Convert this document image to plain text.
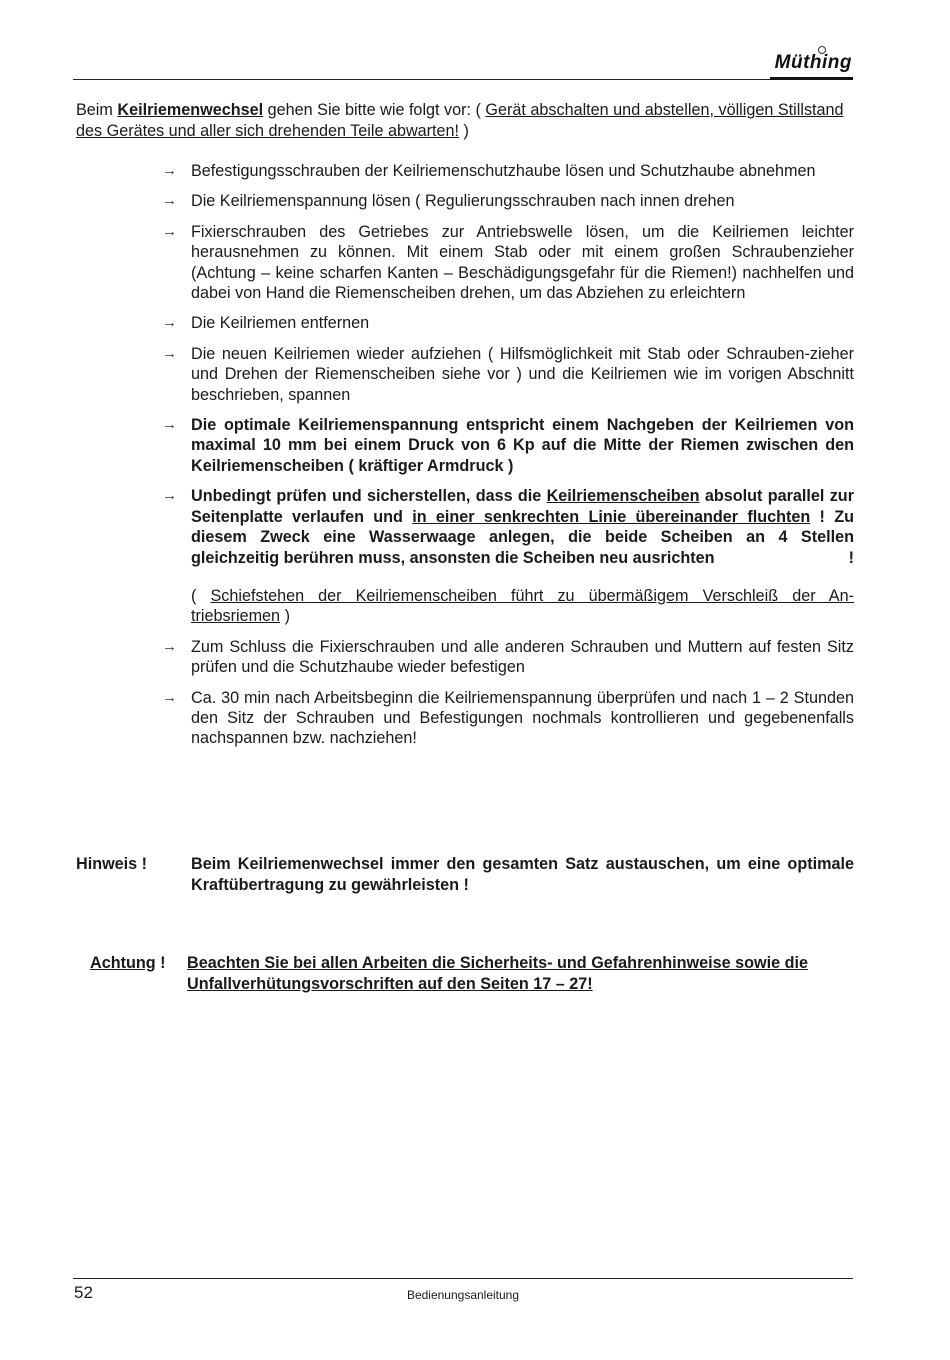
Müthing
Beim Keilriemenwechsel gehen Sie bitte wie folgt vor: ( Gerät abschalten und abstellen, völligen Stillstand des Gerätes und aller sich drehenden Teile abwarten! )
→ Befestigungsschrauben der Keilriemenschutzhaube lösen und Schutzhaube abnehmen
→ Die Keilriemenspannung lösen ( Regulierungsschrauben nach innen drehen
→ Fixierschrauben des Getriebes zur Antriebswelle lösen, um die Keilriemen leichter herausnehmen zu können. Mit einem Stab oder mit einem großen Schraubenzieher (Achtung – keine scharfen Kanten – Beschädigungsgefahr für die Riemen!) nachhelfen und dabei von Hand die Riemenscheiben drehen, um das Abziehen zu erleichtern
→ Die Keilriemen entfernen
→ Die neuen Keilriemen wieder aufziehen ( Hilfsmöglichkeit mit Stab oder Schrauben-zieher und Drehen der Riemenscheiben siehe vor ) und die Keilriemen wie im vorigen Abschnitt beschrieben, spannen
→ Die optimale Keilriemenspannung entspricht einem Nachgeben der Keilriemen von maximal 10 mm bei einem Druck von 6 Kp auf die Mitte der Riemen zwischen den Keilriemenscheiben ( kräftiger Armdruck )
→ Unbedingt prüfen und sicherstellen, dass die Keilriemenscheiben absolut parallel zur Seitenplatte verlaufen und in einer senkrechten Linie übereinander fluchten ! Zu diesem Zweck eine Wasserwaage anlegen, die beide Scheiben an 4 Stellen gleichzeitig berühren muss, ansonsten die Scheiben neu ausrichten	!
( Schiefstehen der Keilriemenscheiben führt zu übermäßigem Verschleiß der An-triebsriemen )
→ Zum Schluss die Fixierschrauben und alle anderen Schrauben und Muttern auf festen Sitz prüfen und die Schutzhaube wieder befestigen
→ Ca. 30 min nach Arbeitsbeginn die Keilriemenspannung überprüfen und nach 1 – 2 Stunden den Sitz der Schrauben und Befestigungen nochmals kontrollieren und gegebenenfalls nachspannen bzw. nachziehen!
Hinweis !	Beim Keilriemenwechsel immer den gesamten Satz austauschen, um eine optimale Kraftübertragung zu gewährleisten !
Achtung ! Beachten Sie bei allen Arbeiten die Sicherheits- und Gefahrenhinweise sowie die Unfallverhütungsvorschriften auf den Seiten 17 – 27!
52	Bedienungsanleitung
